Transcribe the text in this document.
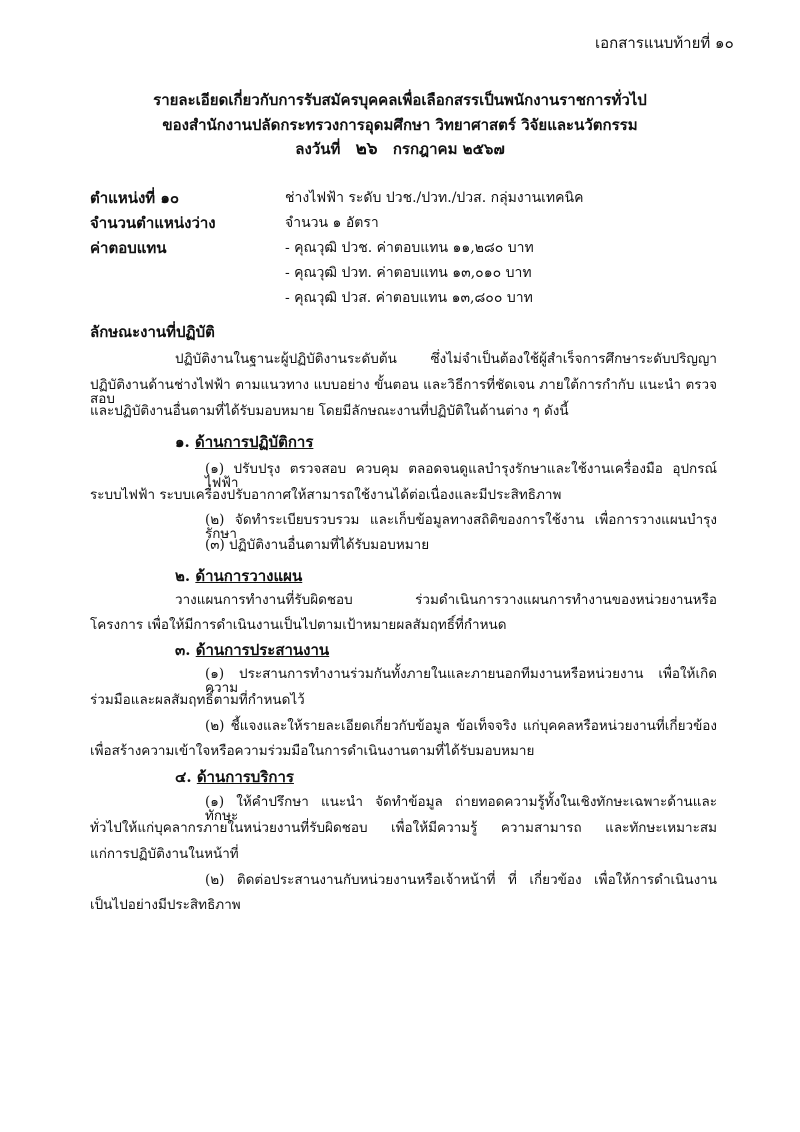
เอกสารแนบท้ายที่ ๑๐
รายละเอียดเกี่ยวกับการรับสมัครบุคคลเพื่อเลือกสรรเป็นพนักงานราชการทั่วไป
ของสำนักงานปลัดกระทรวงการอุดมศึกษา วิทยาศาสตร์ วิจัยและนวัตกรรม
ลงวันที่ ๒๖ กรกฎาคม ๒๕๖๗
ตำแหน่งที่ ๑๐	ช่างไฟฟ้า ระดับ ปวช./ปวท./ปวส. กลุ่มงานเทคนิค
จำนวนตำแหน่งว่าง	จำนวน ๑ อัตรา
ค่าตอบแทน	- คุณวุฒิ ปวช. ค่าตอบแทน ๑๑,๒๘๐ บาท
- คุณวุฒิ ปวท. ค่าตอบแทน ๑๓,๐๑๐ บาท
- คุณวุฒิ ปวส. ค่าตอบแทน ๑๓,๘๐๐ บาท
ลักษณะงานที่ปฏิบัติ
ปฏิบัติงานในฐานะผู้ปฏิบัติงานระดับต้น ซึ่งไม่จำเป็นต้องใช้ผู้สำเร็จการศึกษาระดับปริญญา
ปฏิบัติงานด้านช่างไฟฟ้า ตามแนวทาง แบบอย่าง ขั้นตอน และวิธีการที่ชัดเจน ภายใต้การกำกับ แนะนำ ตรวจสอบ
และปฏิบัติงานอื่นตามที่ได้รับมอบหมาย โดยมีลักษณะงานที่ปฏิบัติในด้านต่าง ๆ ดังนี้
๑. ด้านการปฏิบัติการ
(๑) ปรับปรุง ตรวจสอบ ควบคุม ตลอดจนดูแลบำรุงรักษาและใช้งานเครื่องมือ อุปกรณ์ไฟฟ้า
ระบบไฟฟ้า ระบบเครื่องปรับอากาศให้สามารถใช้งานได้ต่อเนื่องและมีประสิทธิภาพ
(๒) จัดทำระเบียบรวบรวม และเก็บข้อมูลทางสถิติของการใช้งาน เพื่อการวางแผนบำรุงรักษา
(๓) ปฏิบัติงานอื่นตามที่ได้รับมอบหมาย
๒. ด้านการวางแผน
วางแผนการทำงานที่รับผิดชอบ ร่วมดำเนินการวางแผนการทำงานของหน่วยงานหรือ
โครงการ เพื่อให้มีการดำเนินงานเป็นไปตามเป้าหมายผลสัมฤทธิ์ที่กำหนด
๓. ด้านการประสานงาน
(๑) ประสานการทำงานร่วมกันทั้งภายในและภายนอกทีมงานหรือหน่วยงาน เพื่อให้เกิดความ
ร่วมมือและผลสัมฤทธิ์ตามที่กำหนดไว้
(๒) ชี้แจงและให้รายละเอียดเกี่ยวกับข้อมูล ข้อเท็จจริง แก่บุคคลหรือหน่วยงานที่เกี่ยวข้อง
เพื่อสร้างความเข้าใจหรือความร่วมมือในการดำเนินงานตามที่ได้รับมอบหมาย
๔. ด้านการบริการ
(๑) ให้คำปรึกษา แนะนำ จัดทำข้อมูล ถ่ายทอดความรู้ทั้งในเชิงทักษะเฉพาะด้านและทักษะ
ทั่วไปให้แก่บุคลากรภายในหน่วยงานที่รับผิดชอบ เพื่อให้มีความรู้ ความสามารถ และทักษะเหมาะสม
แก่การปฏิบัติงานในหน้าที่
(๒) ติดต่อประสานงานกับหน่วยงานหรือเจ้าหน้าที่ ที่ เกี่ยวข้อง เพื่อให้การดำเนินงาน
เป็นไปอย่างมีประสิทธิภาพ
